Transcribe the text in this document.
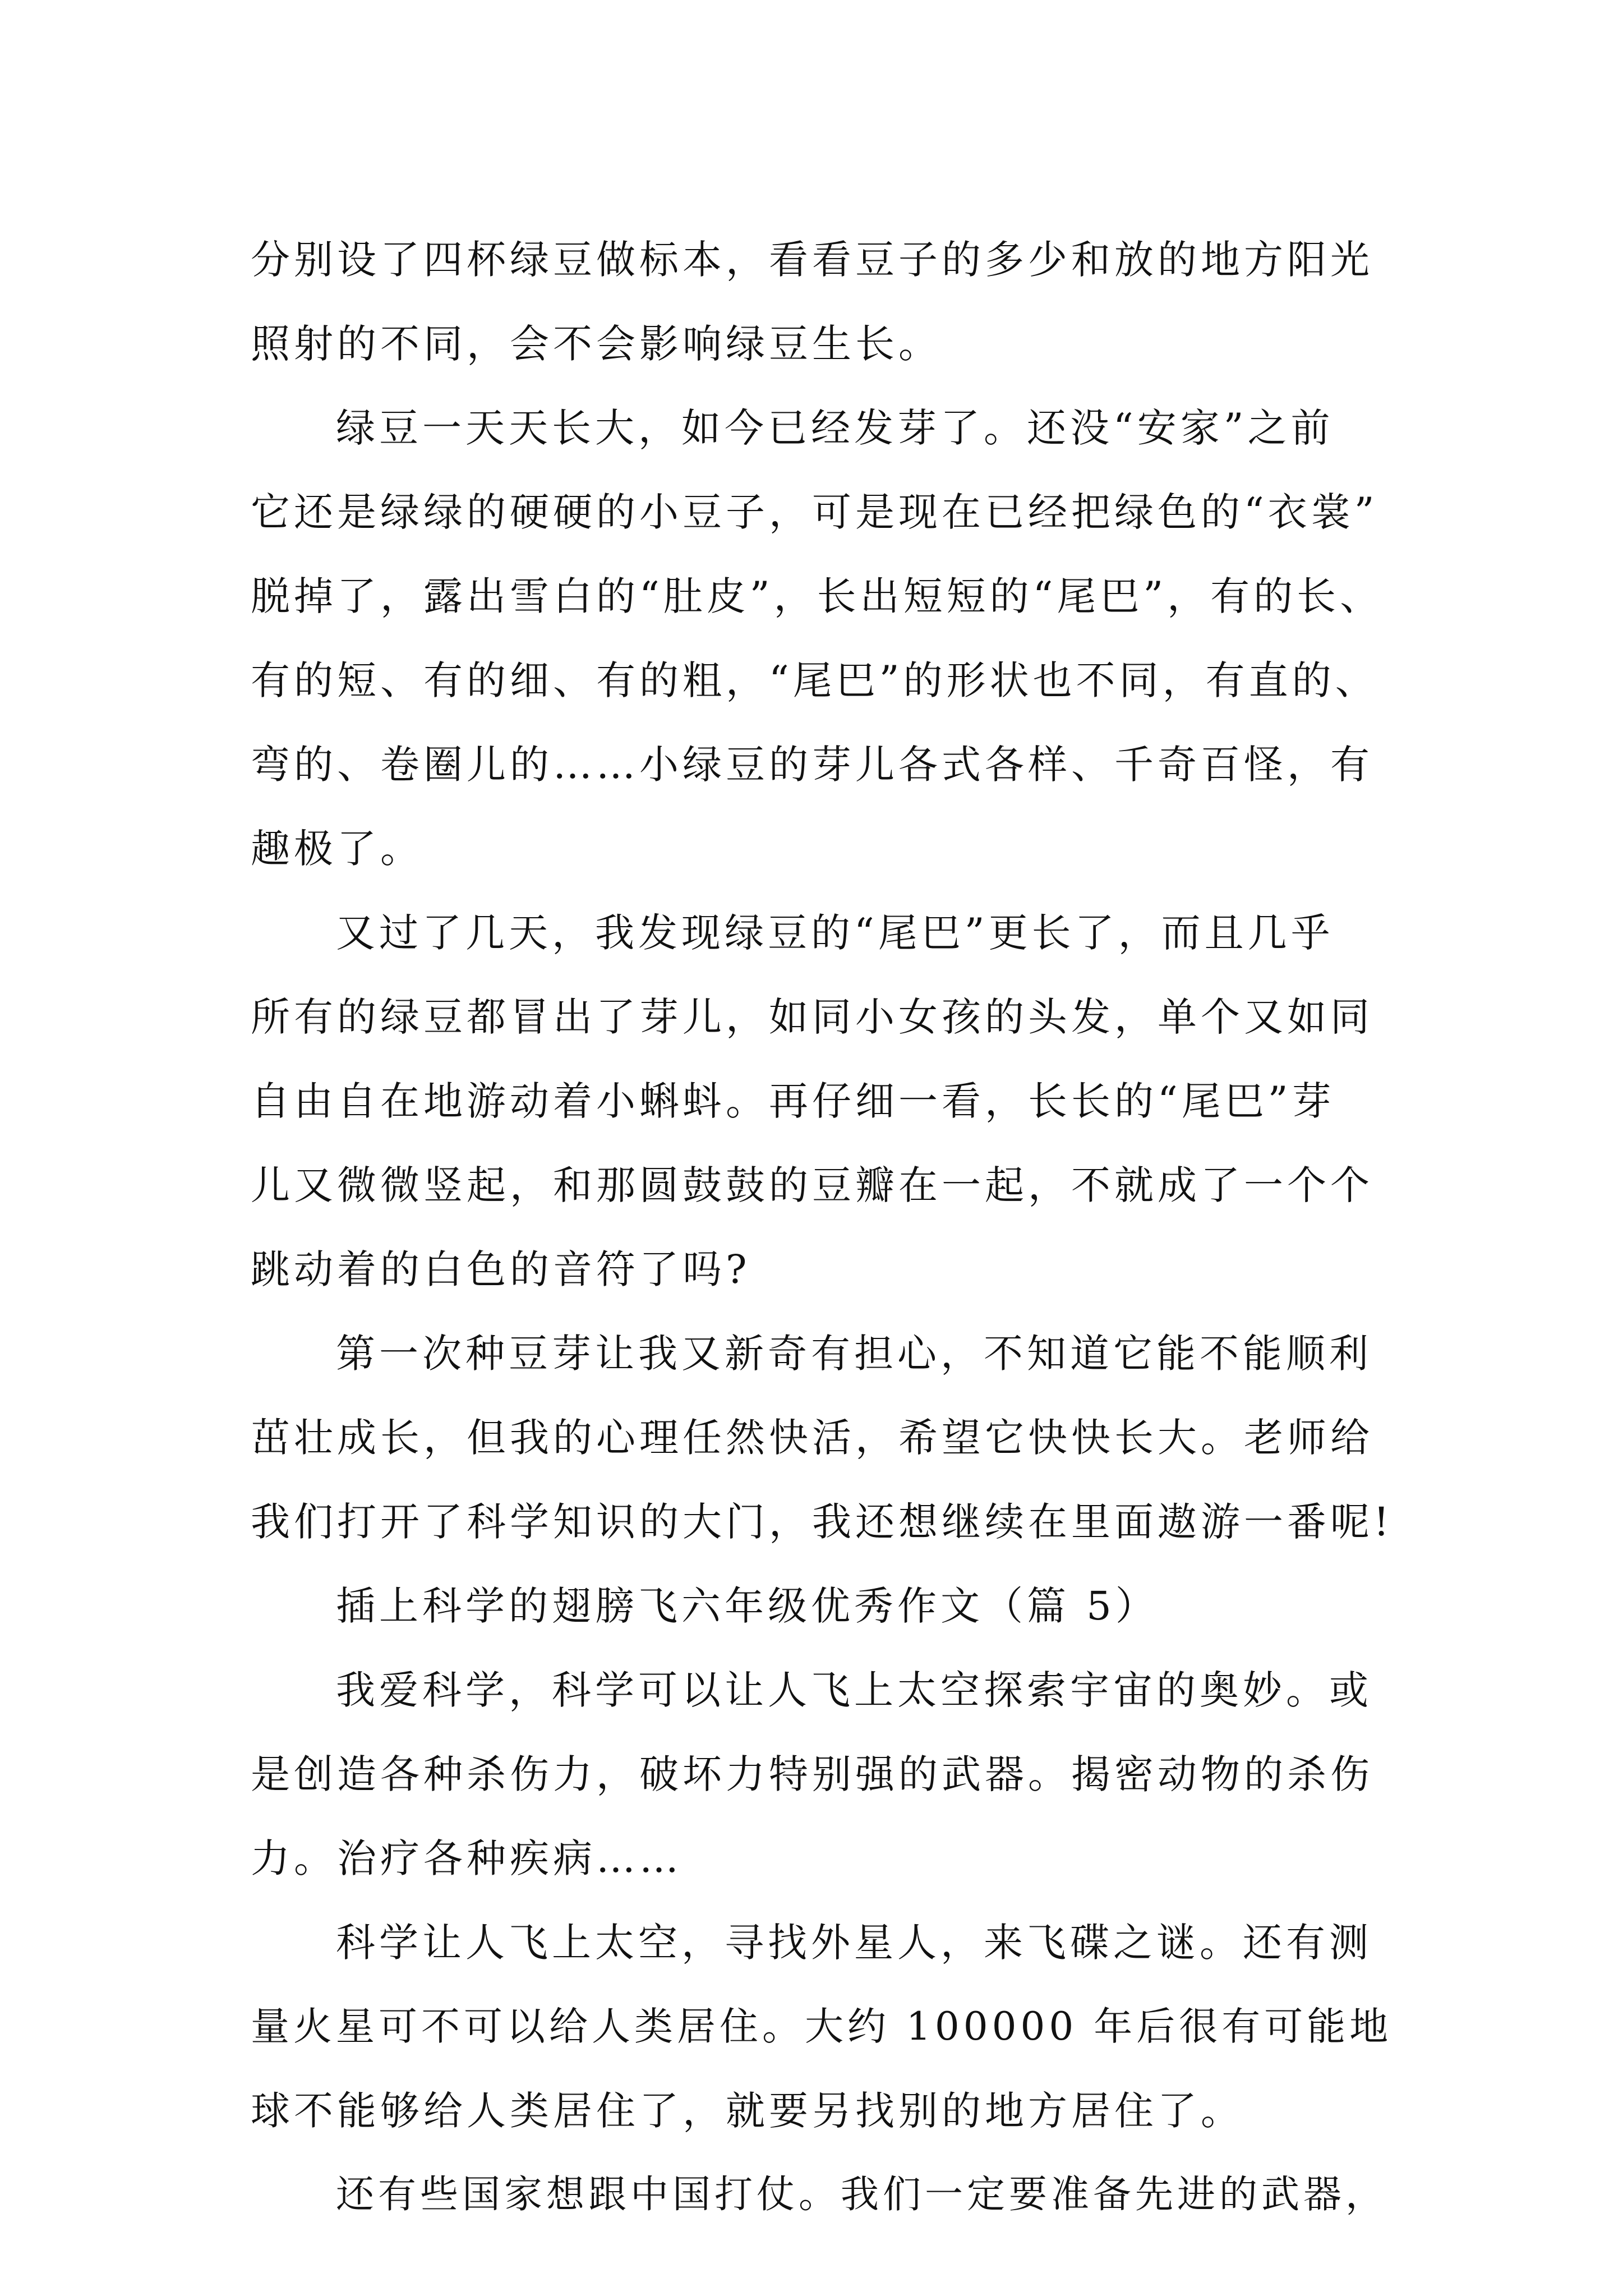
分别设了四杯绿豆做标本，看看豆子的多少和放的地方阳光
照射的不同，会不会影响绿豆生长。
绿豆一天天长大，如今已经发芽了。还没“安家”之前
它还是绿绿的硬硬的小豆子，可是现在已经把绿色的“衣裳”
脱掉了，露出雪白的“肚皮”，长出短短的“尾巴”，有的长、
有的短、有的细、有的粗，“尾巴”的形状也不同，有直的、
弯的、卷圈儿的……小绿豆的芽儿各式各样、千奇百怪，有
趣极了。
又过了几天，我发现绿豆的“尾巴”更长了，而且几乎
所有的绿豆都冒出了芽儿，如同小女孩的头发，单个又如同
自由自在地游动着小蝌蚪。再仔细一看，长长的“尾巴”芽
儿又微微竖起，和那圆鼓鼓的豆瓣在一起，不就成了一个个
跳动着的白色的音符了吗?
第一次种豆芽让我又新奇有担心，不知道它能不能顺利
茁壮成长，但我的心理任然快活，希望它快快长大。老师给
我们打开了科学知识的大门，我还想继续在里面遨游一番呢!
插上科学的翅膀飞六年级优秀作文（篇 5）
我爱科学，科学可以让人飞上太空探索宇宙的奥妙。或
是创造各种杀伤力，破坏力特别强的武器。揭密动物的杀伤
力。治疗各种疾病……
科学让人飞上太空，寻找外星人，来飞碟之谜。还有测
量火星可不可以给人类居住。大约 100000 年后很有可能地
球不能够给人类居住了，就要另找别的地方居住了。
还有些国家想跟中国打仗。我们一定要准备先进的武器，
